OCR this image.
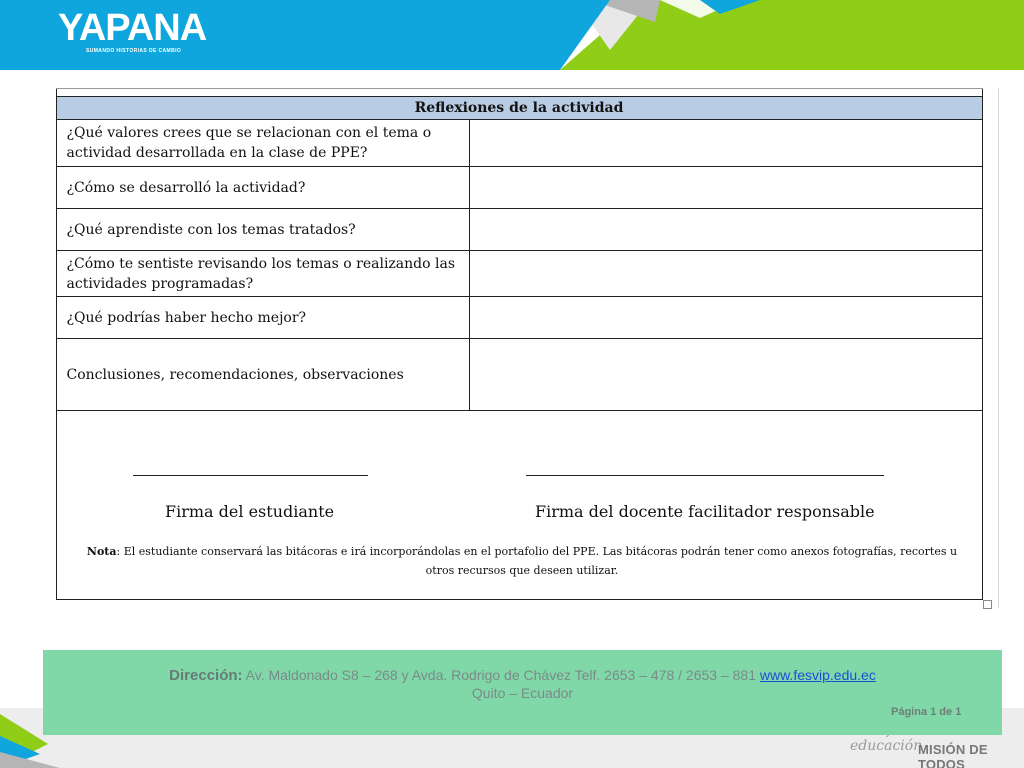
YAPANA
SUMANDO HISTORIAS DE CAMBIO
Reflexiones de la actividad	
¿Qué valores crees que se relacionan con el tema o actividad desarrollada en la clase de PPE?	
¿Cómo se desarrolló la actividad?	
¿Qué aprendiste con los temas tratados?	
¿Cómo te sentiste revisando los temas o realizando las actividades programadas?	
¿Qué podrías haber hecho mejor?	
Conclusiones, recomendaciones, observaciones	
Firma del estudiante	Firma del docente facilitador responsable
Nota: El estudiante conservará las bitácoras e irá incorporándolas en el portafolio del PPE. Las bitácoras podrán tener como anexos fotografías, recortes u otros recursos que deseen utilizar.
educación
MISIÓN DE TODOS
Dirección: Av. Maldonado S8 – 268 y Avda. Rodrigo de Chávez Telf. 2653 – 478 / 2653 – 881 www.fesvip.edu.ec
Quito – Ecuador
Página 1 de 1
